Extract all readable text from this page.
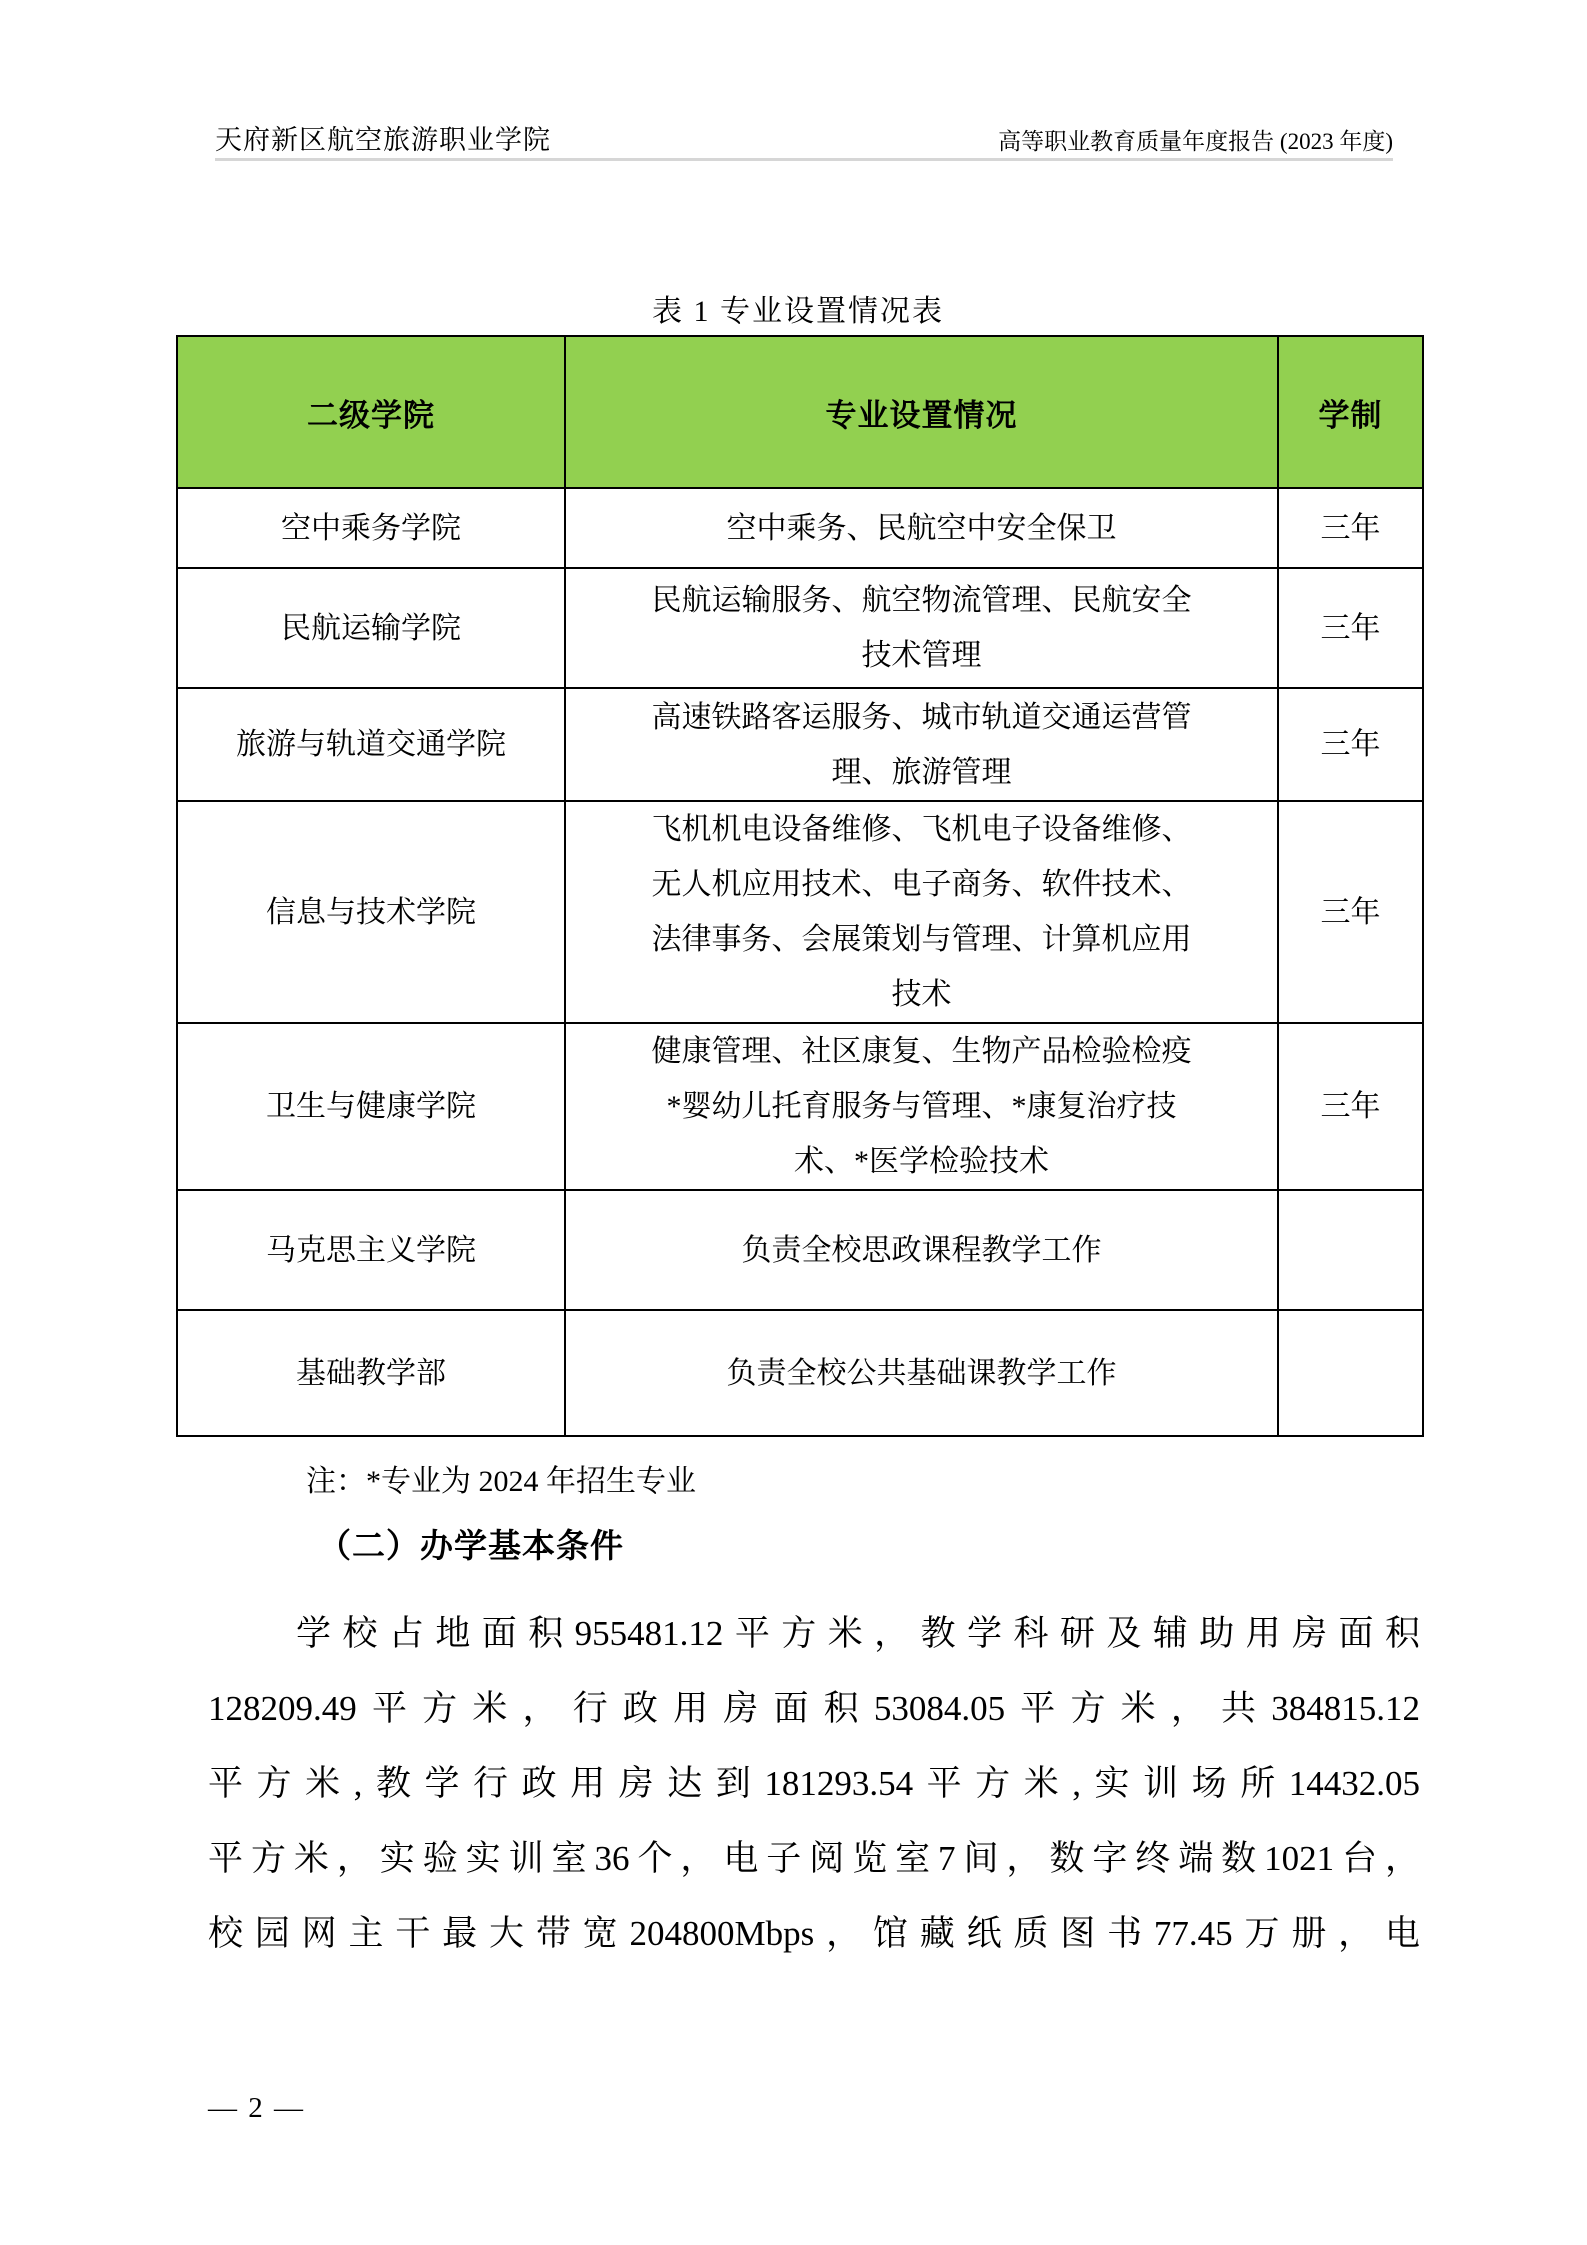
天府新区航空旅游职业学院	高等职业教育质量年度报告 (2023 年度)
表 1 专业设置情况表
二级学院	专业设置情况	学制
空中乘务学院	空中乘务、民航空中安全保卫	三年
民航运输学院	民航运输服务、航空物流管理、民航安全技术管理	三年
旅游与轨道交通学院	高速铁路客运服务、城市轨道交通运营管理、旅游管理	三年
信息与技术学院	飞机机电设备维修、飞机电子设备维修、无人机应用技术、电子商务、软件技术、法律事务、会展策划与管理、计算机应用技术	三年
卫生与健康学院	健康管理、社区康复、生物产品检验检疫*婴幼儿托育服务与管理、*康复治疗技术、*医学检验技术	三年
马克思主义学院	负责全校思政课程教学工作	
基础教学部	负责全校公共基础课教学工作	
注：*专业为 2024 年招生专业
（二）办学基本条件
学校占地面积955481.12平方米，教学科研及辅助用房面积
128209.49平方米，行政用房面积53084.05平方米，共384815.12
平方米,教学行政用房达到181293.54平方米,实训场所14432.05
平方米，实验实训室36个，电子阅览室7间，数字终端数1021台，
校园网主干最大带宽204800Mbps，馆藏纸质图书77.45万册，电
— 2 —
